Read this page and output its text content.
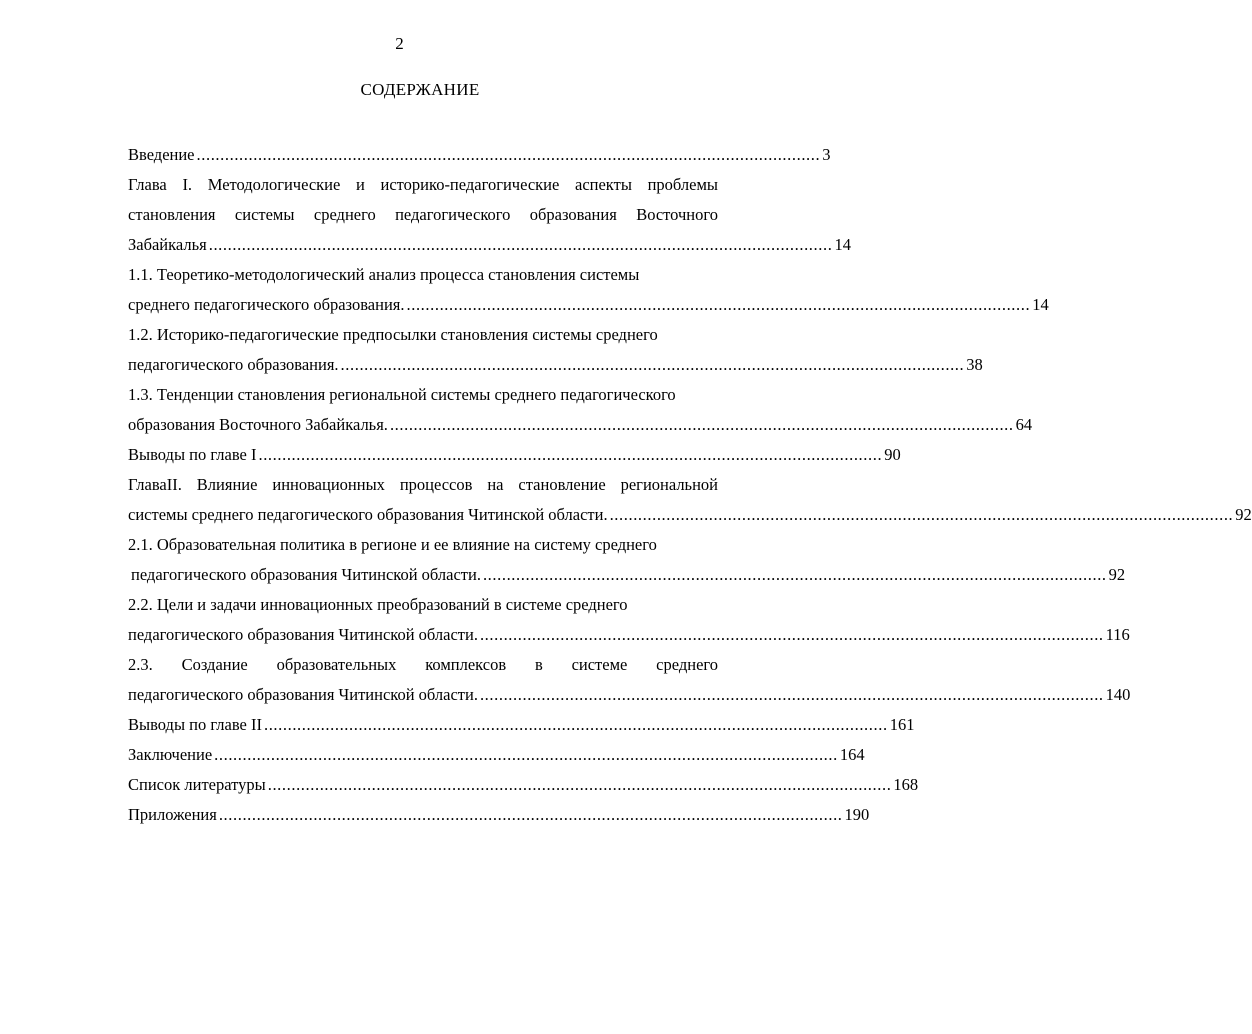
2
СОДЕРЖАНИЕ
Введение .................................................................................................................................... 3
Глава I. Методологические и историко-педагогические аспекты проблемы
становления системы среднего педагогического образования Восточного
Забайкалья .................................................................................................................................... 14
1.1. Теоретико-методологический анализ процесса становления системы
среднего педагогического образования. .................................................................................................................................... 14
1.2. Историко-педагогические предпосылки становления системы среднего
педагогического образования. .................................................................................................................................... 38
1.3. Тенденции становления региональной системы среднего педагогического
образования Восточного Забайкалья. .................................................................................................................................... 64
Выводы по главе I .................................................................................................................................... 90
ГлаваII. Влияние инновационных процессов на становление региональной
системы среднего педагогического образования Читинской области. .................................................................................................................................... 92
2.1. Образовательная политика в регионе и ее влияние на систему среднего
педагогического образования Читинской области. .................................................................................................................................... 92
2.2. Цели и задачи инновационных преобразований в системе среднего
педагогического образования Читинской области. .................................................................................................................................... 116
2.3. Создание образовательных комплексов в системе среднего
педагогического образования Читинской области. .................................................................................................................................... 140
Выводы по главе II .................................................................................................................................... 161
Заключение .................................................................................................................................... 164
Список литературы .................................................................................................................................... 168
Приложения .................................................................................................................................... 190
